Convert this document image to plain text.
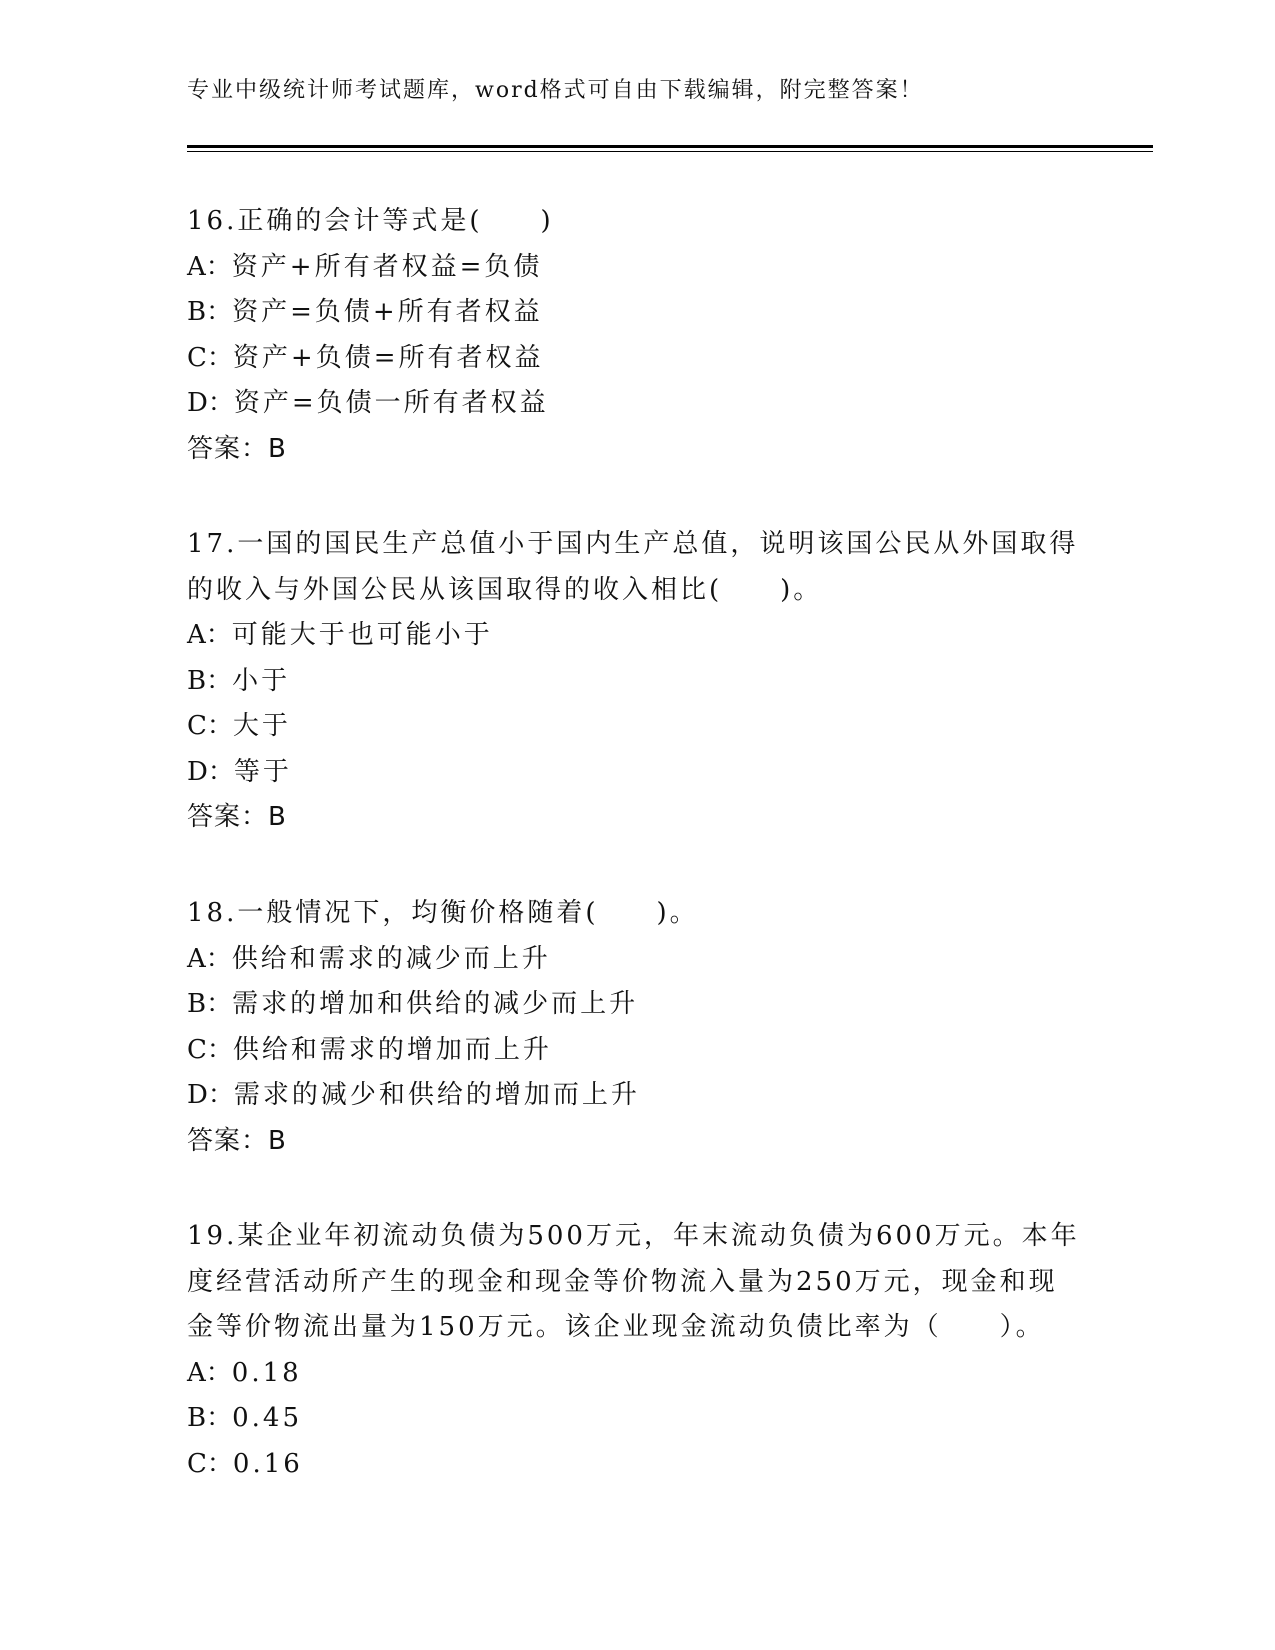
专业中级统计师考试题库，word格式可自由下载编辑，附完整答案！
16.正确的会计等式是(　　)
A：资产+所有者权益=负债
B：资产=负债+所有者权益
C：资产+负债=所有者权益
D：资产=负债一所有者权益
答案：B
17.一国的国民生产总值小于国内生产总值，说明该国公民从外国取得
的收入与外国公民从该国取得的收入相比(　　)。
A：可能大于也可能小于
B：小于
C：大于
D：等于
答案：B
18.一般情况下，均衡价格随着(　　)。
A：供给和需求的减少而上升
B：需求的增加和供给的减少而上升
C：供给和需求的增加而上升
D：需求的减少和供给的增加而上升
答案：B
19.某企业年初流动负债为500万元，年末流动负债为600万元。本年
度经营活动所产生的现金和现金等价物流入量为250万元，现金和现
金等价物流出量为150万元。该企业现金流动负债比率为（　　）。
A：0.18
B：0.45
C：0.16
